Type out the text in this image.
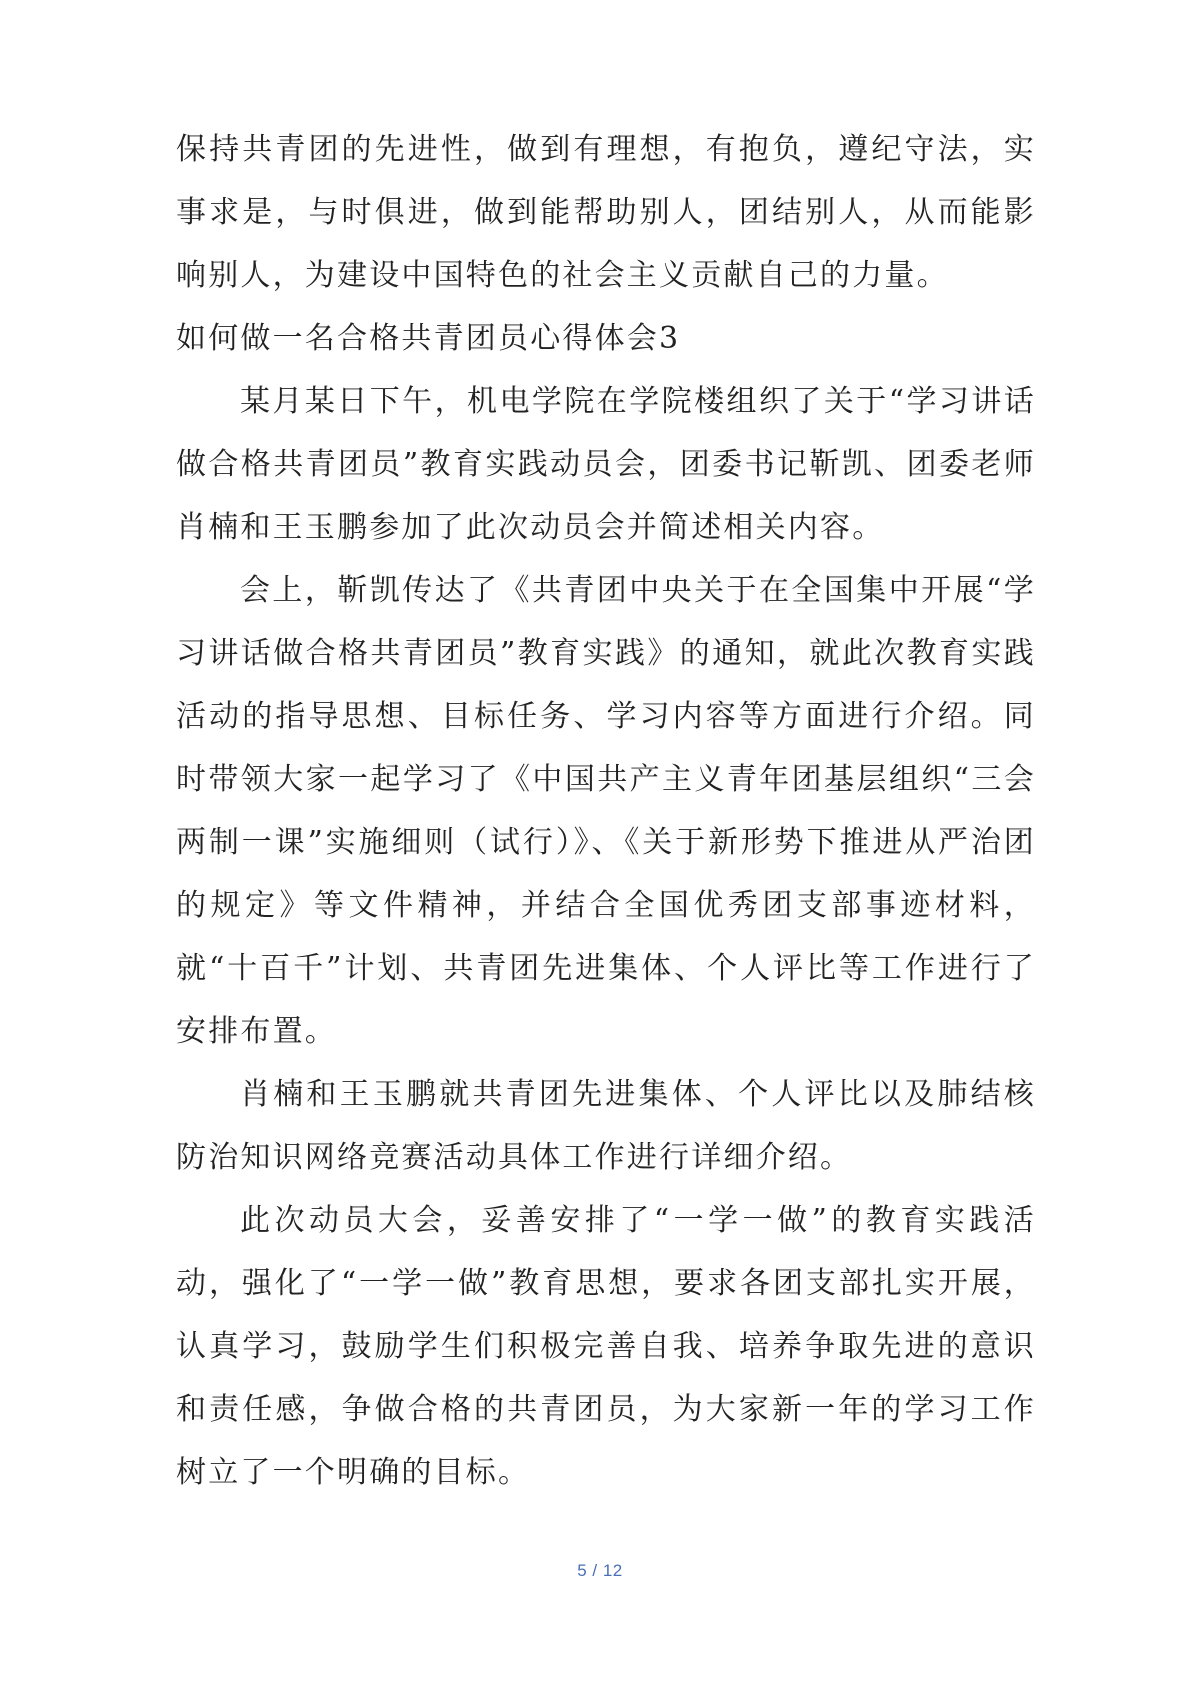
保持共青团的先进性，做到有理想，有抱负，遵纪守法，实事求是，与时俱进，做到能帮助别人，团结别人，从而能影响别人，为建设中国特色的社会主义贡献自己的力量。

如何做一名合格共青团员心得体会3

某月某日下午，机电学院在学院楼组织了关于“学习讲话做合格共青团员”教育实践动员会，团委书记靳凯、团委老师肖楠和王玉鹏参加了此次动员会并简述相关内容。

会上，靳凯传达了《共青团中央关于在全国集中开展“学习讲话做合格共青团员”教育实践》的通知，就此次教育实践活动的指导思想、目标任务、学习内容等方面进行介绍。同时带领大家一起学习了《中国共产主义青年团基层组织“三会两制一课”实施细则（试行）》、《关于新形势下推进从严治团的规定》等文件精神，并结合全国优秀团支部事迹材料，就“十百千”计划、共青团先进集体、个人评比等工作进行了安排布置。

肖楠和王玉鹏就共青团先进集体、个人评比以及肺结核防治知识网络竞赛活动具体工作进行详细介绍。

此次动员大会，妥善安排了“一学一做”的教育实践活动，强化了“一学一做”教育思想，要求各团支部扎实开展，认真学习，鼓励学生们积极完善自我、培养争取先进的意识和责任感，争做合格的共青团员，为大家新一年的学习工作树立了一个明确的目标。

5 / 12
